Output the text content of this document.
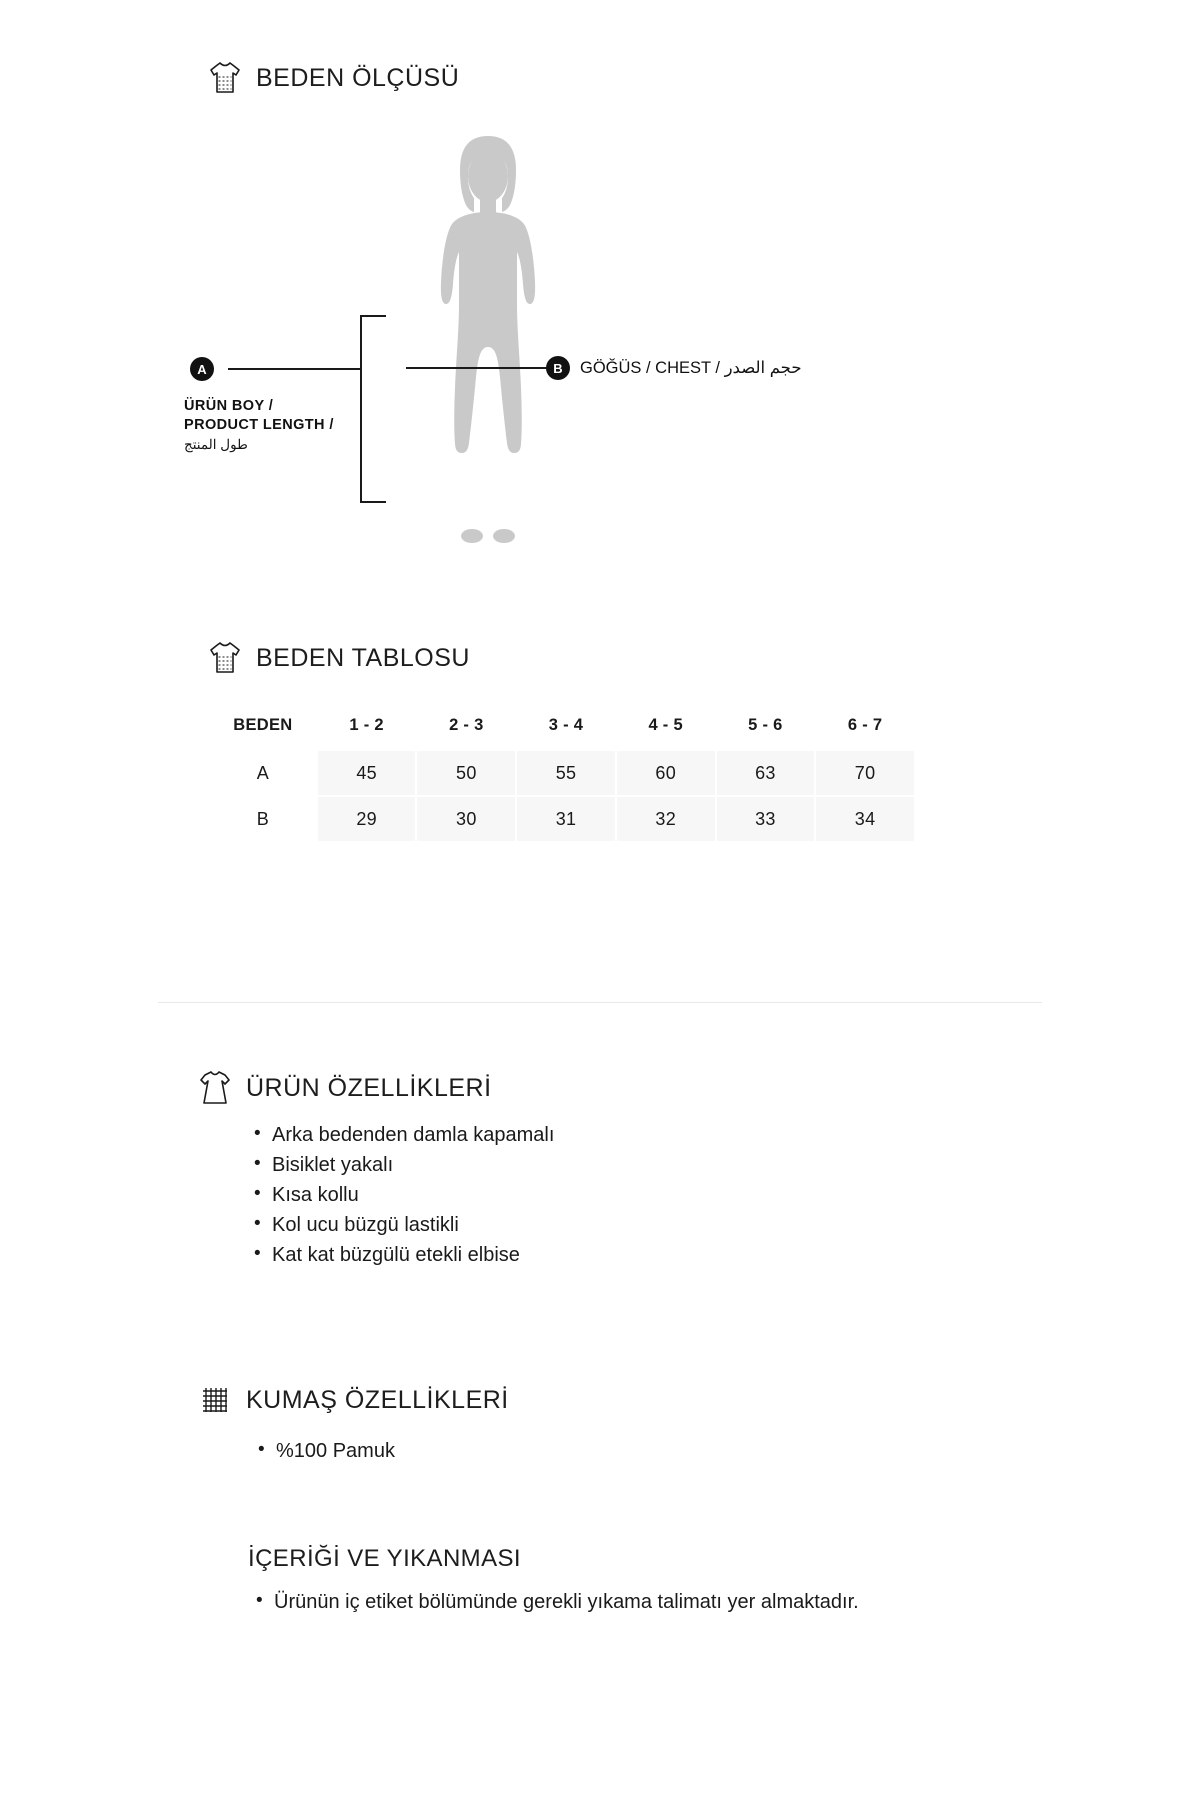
BEDEN ÖLÇÜSÜ
A
ÜRÜN BOY /
PRODUCT LENGTH /
طول المنتج
B	GÖĞÜS / CHEST / حجم الصدر
BEDEN TABLOSU
BEDEN	1 - 2	2 - 3	3 - 4	4 - 5	5 - 6	6 - 7
A	45	50	55	60	63	70
B	29	30	31	32	33	34
ÜRÜN ÖZELLİKLERİ
• Arka bedenden damla kapamalı
• Bisiklet yakalı
• Kısa kollu
• Kol ucu büzgü lastikli
• Kat kat büzgülü etekli elbise
KUMAŞ ÖZELLİKLERİ
• %100 Pamuk
İÇERİĞİ VE YIKANMASI
• Ürünün iç etiket bölümünde gerekli yıkama talimatı yer almaktadır.
